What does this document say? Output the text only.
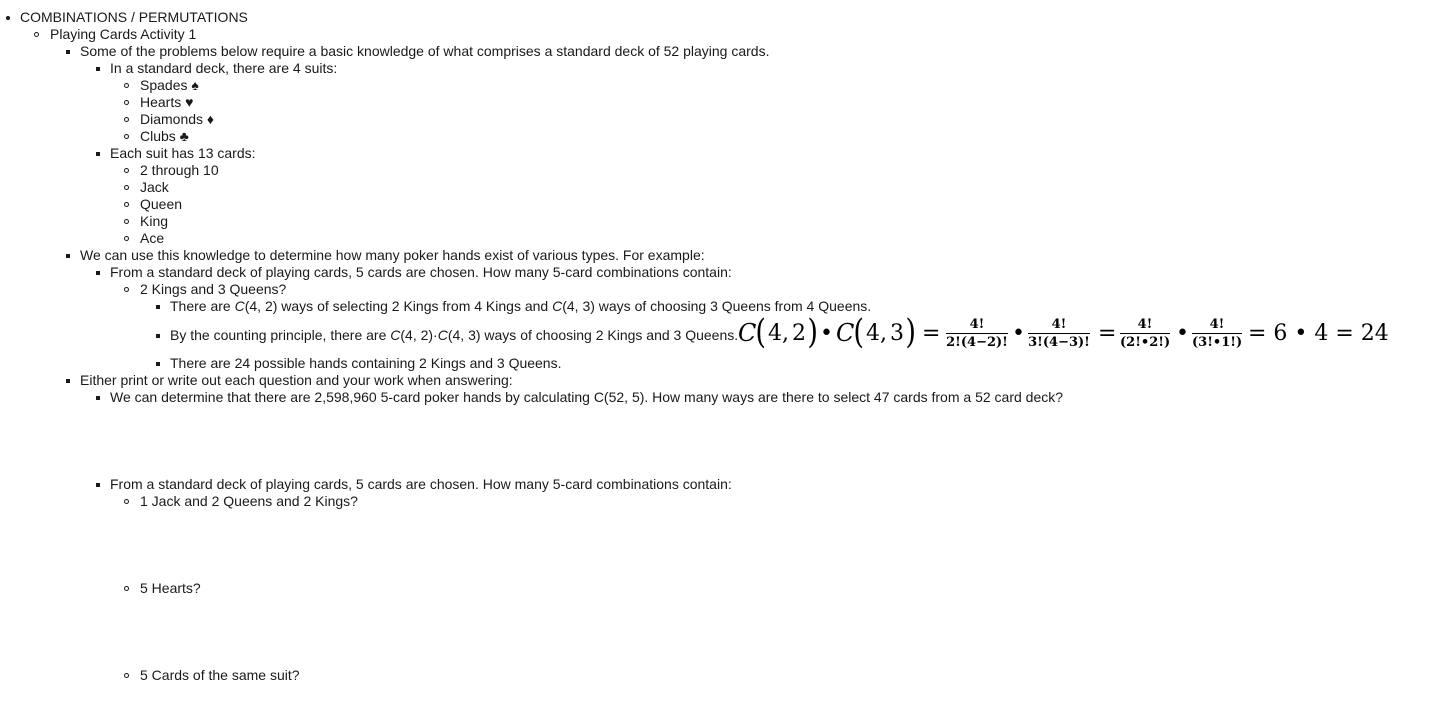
COMBINATIONS / PERMUTATIONS
Playing Cards Activity 1
Some of the problems below require a basic knowledge of what comprises a standard deck of 52 playing cards.
In a standard deck, there are 4 suits:
Spades ♠
Hearts ♥
Diamonds ♦
Clubs ♣
Each suit has 13 cards:
2 through 10
Jack
Queen
King
Ace
We can use this knowledge to determine how many poker hands exist of various types. For example:
From a standard deck of playing cards, 5 cards are chosen. How many 5-card combinations contain:
2 Kings and 3 Queens?
There are C(4, 2) ways of selecting 2 Kings from 4 Kings and C(4, 3) ways of choosing 3 Queens from 4 Queens.
By the counting principle, there are C(4, 2)·C(4, 3) ways of choosing 2 Kings and 3 Queens. C
( 4, 2 ) • C
( 4, 3 ) =	4!
2!(4−2)! •	4!
3!(4−3)! =	4!
(2!•2!) •	4!
(3!•1!) = 6 • 4 = 24
There are 24 possible hands containing 2 Kings and 3 Queens.
Either print or write out each question and your work when answering:
We can determine that there are 2,598,960 5-card poker hands by calculating C(52, 5). How many ways are there to select 47 cards from a 52 card deck?
From a standard deck of playing cards, 5 cards are chosen. How many 5-card combinations contain:
1 Jack and 2 Queens and 2 Kings?
5 Hearts?
5 Cards of the same suit?
